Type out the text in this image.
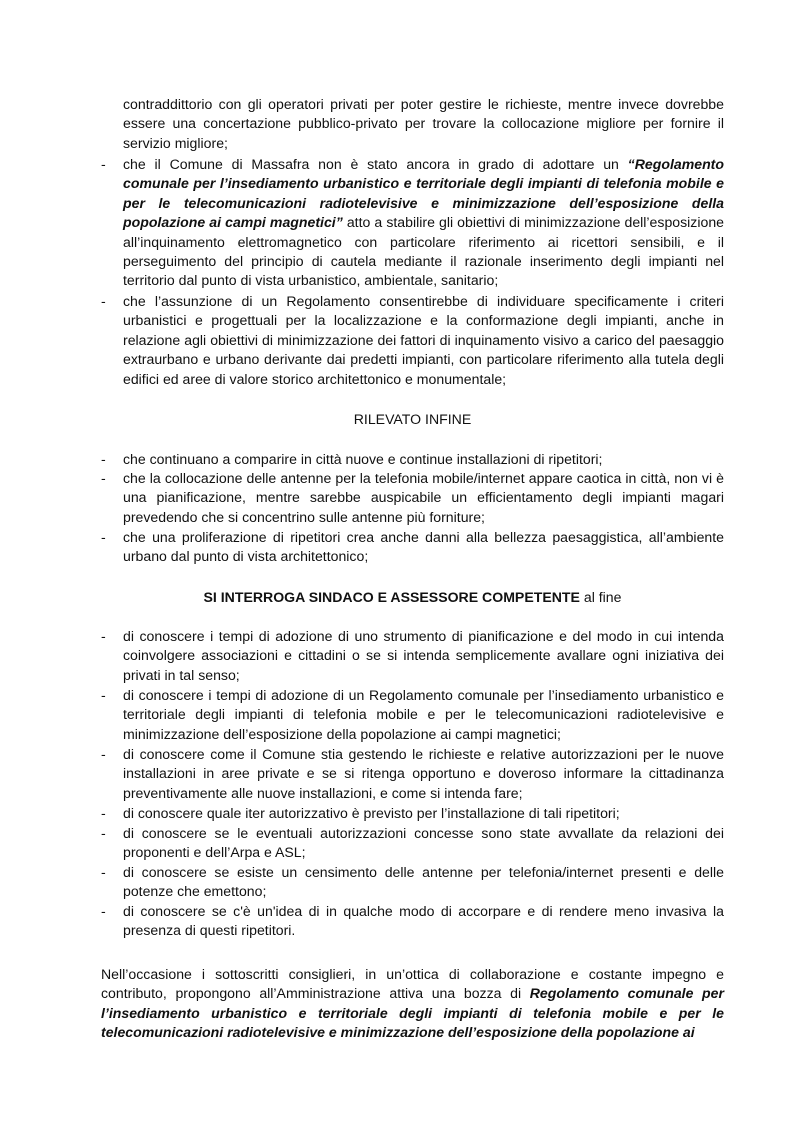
contraddittorio con gli operatori privati per poter gestire le richieste, mentre invece dovrebbe essere una concertazione pubblico-privato per trovare la collocazione migliore per fornire il servizio migliore;

-	che il Comune di Massafra non è stato ancora in grado di adottare un “Regolamento comunale per l’insediamento urbanistico e territoriale degli impianti di telefonia mobile e per le telecomunicazioni radiotelevisive e minimizzazione dell’esposizione della popolazione ai campi magnetici” atto a stabilire gli obiettivi di minimizzazione dell’esposizione all’inquinamento elettromagnetico con particolare riferimento ai ricettori sensibili, e il perseguimento del principio di cautela mediante il razionale inserimento degli impianti nel territorio dal punto di vista urbanistico, ambientale, sanitario;
-	che l’assunzione di un Regolamento consentirebbe di individuare specificamente i criteri urbanistici e progettuali per la localizzazione e la conformazione degli impianti, anche in relazione agli obiettivi di minimizzazione dei fattori di inquinamento visivo a carico del paesaggio extraurbano e urbano derivante dai predetti impianti, con particolare riferimento alla tutela degli edifici ed aree di valore storico architettonico e monumentale;
RILEVATO INFINE
-	che continuano a comparire in città nuove e continue installazioni di ripetitori;
-	che la collocazione delle antenne per la telefonia mobile/internet appare caotica in città, non vi è una pianificazione, mentre sarebbe auspicabile un efficientamento degli impianti magari prevedendo che si concentrino sulle antenne più forniture;
-	che una proliferazione di ripetitori crea anche danni alla bellezza paesaggistica, all’ambiente urbano dal punto di vista architettonico;
SI INTERROGA SINDACO E ASSESSORE COMPETENTE al fine
-	di conoscere i tempi di adozione di uno strumento di pianificazione e del modo in cui intenda coinvolgere associazioni e cittadini o se si intenda semplicemente avallare ogni iniziativa dei privati in tal senso;
-	di conoscere i tempi di adozione di un Regolamento comunale per l’insediamento urbanistico e territoriale degli impianti di telefonia mobile e per le telecomunicazioni radiotelevisive e minimizzazione dell’esposizione della popolazione ai campi magnetici;
-	di conoscere come il Comune stia gestendo le richieste e relative autorizzazioni per le nuove installazioni in aree private e se si ritenga opportuno e doveroso informare la cittadinanza preventivamente alle nuove installazioni, e come si intenda fare;
-	di conoscere quale iter autorizzativo è previsto per l’installazione di tali ripetitori;
-	di conoscere se le eventuali autorizzazioni concesse sono state avvallate da relazioni dei proponenti e dell’Arpa e ASL;
-	di conoscere se esiste un censimento delle antenne per telefonia/internet presenti e delle potenze che emettono;
-	di conoscere se c'è un'idea di in qualche modo di accorpare e di rendere meno invasiva la presenza di questi ripetitori.

Nell’occasione i sottoscritti consiglieri, in un’ottica di collaborazione e costante impegno e contributo, propongono all’Amministrazione attiva una bozza di Regolamento comunale per l’insediamento urbanistico e territoriale degli impianti di telefonia mobile e per le telecomunicazioni radiotelevisive e minimizzazione dell’esposizione della popolazione ai
